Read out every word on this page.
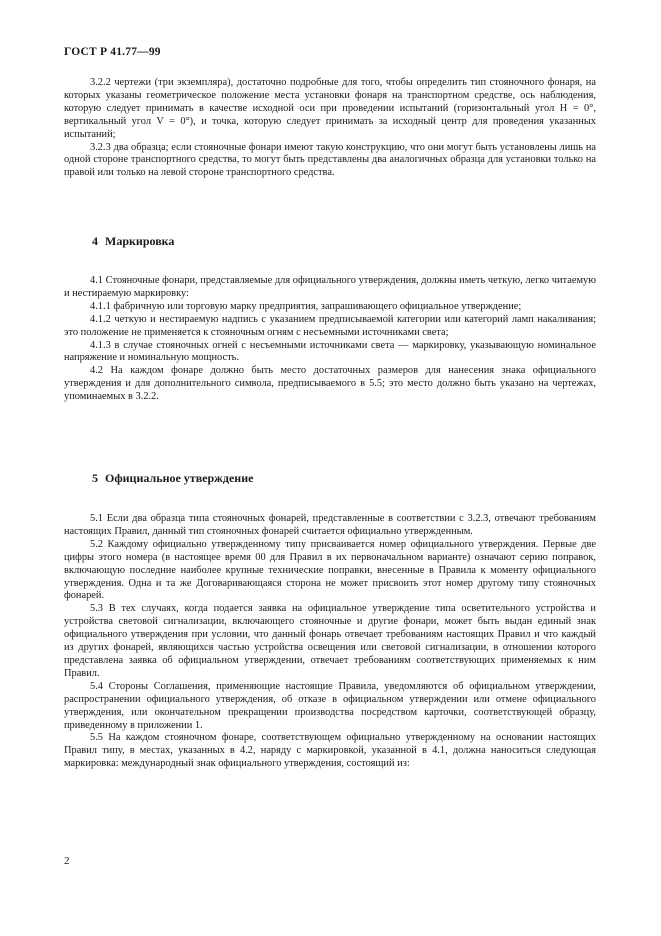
ГОСТ Р 41.77—99

3.2.2 чертежи (три экземпляра), достаточно подробные для того, чтобы определить тип стояночного фонаря, на которых указаны геометрическое положение места установки фонаря на транспортном средстве, ось наблюдения, которую следует принимать в качестве исходной оси при проведении испытаний (горизонтальный угол H = 0°, вертикальный угол V = 0°), и точка, которую следует принимать за исходный центр для проведения указанных испытаний;

3.2.3 два образца; если стояночные фонари имеют такую конструкцию, что они могут быть установлены лишь на одной стороне транспортного средства, то могут быть представлены два аналогичных образца для установки только на правой или только на левой стороне транспортного средства.

4 Маркировка

4.1 Стояночные фонари, представляемые для официального утверждения, должны иметь четкую, легко читаемую и нестираемую маркировку:

4.1.1 фабричную или торговую марку предприятия, запрашивающего официальное утверждение;

4.1.2 четкую и нестираемую надпись с указанием предписываемой категории или категорий ламп накаливания; это положение не применяется к стояночным огням с несъемными источниками света;

4.1.3 в случае стояночных огней с несъемными источниками света — маркировку, указывающую номинальное напряжение и номинальную мощность.

4.2 На каждом фонаре должно быть место достаточных размеров для нанесения знака официального утверждения и для дополнительного символа, предписываемого в 5.5; это место должно быть указано на чертежах, упоминаемых в 3.2.2.

5 Официальное утверждение

5.1 Если два образца типа стояночных фонарей, представленные в соответствии с 3.2.3, отвечают требованиям настоящих Правил, данный тип стояночных фонарей считается официально утвержденным.

5.2 Каждому официально утвержденному типу присваивается номер официального утверждения. Первые две цифры этого номера (в настоящее время 00 для Правил в их первоначальном варианте) означают серию поправок, включающую последние наиболее крупные технические поправки, внесенные в Правила к моменту официального утверждения. Одна и та же Договаривающаяся сторона не может присвоить этот номер другому типу стояночных фонарей.

5.3 В тех случаях, когда подается заявка на официальное утверждение типа осветительного устройства и устройства световой сигнализации, включающего стояночные и другие фонари, может быть выдан единый знак официального утверждения при условии, что данный фонарь отвечает требованиям настоящих Правил и что каждый из других фонарей, являющихся частью устройства освещения или световой сигнализации, в отношении которого представлена заявка об официальном утверждении, отвечает требованиям соответствующих применяемых к ним Правил.

5.4 Стороны Соглашения, применяющие настоящие Правила, уведомляются об официальном утверждении, распространении официального утверждения, об отказе в официальном утверждении или отмене официального утверждения, или окончательном прекращении производства посредством карточки, соответствующей образцу, приведенному в приложении 1.

5.5 На каждом стояночном фонаре, соответствующем официально утвержденному на основании настоящих Правил типу, в местах, указанных в 4.2, наряду с маркировкой, указанной в 4.1, должна наноситься следующая маркировка: международный знак официального утверждения, состоящий из:

2
